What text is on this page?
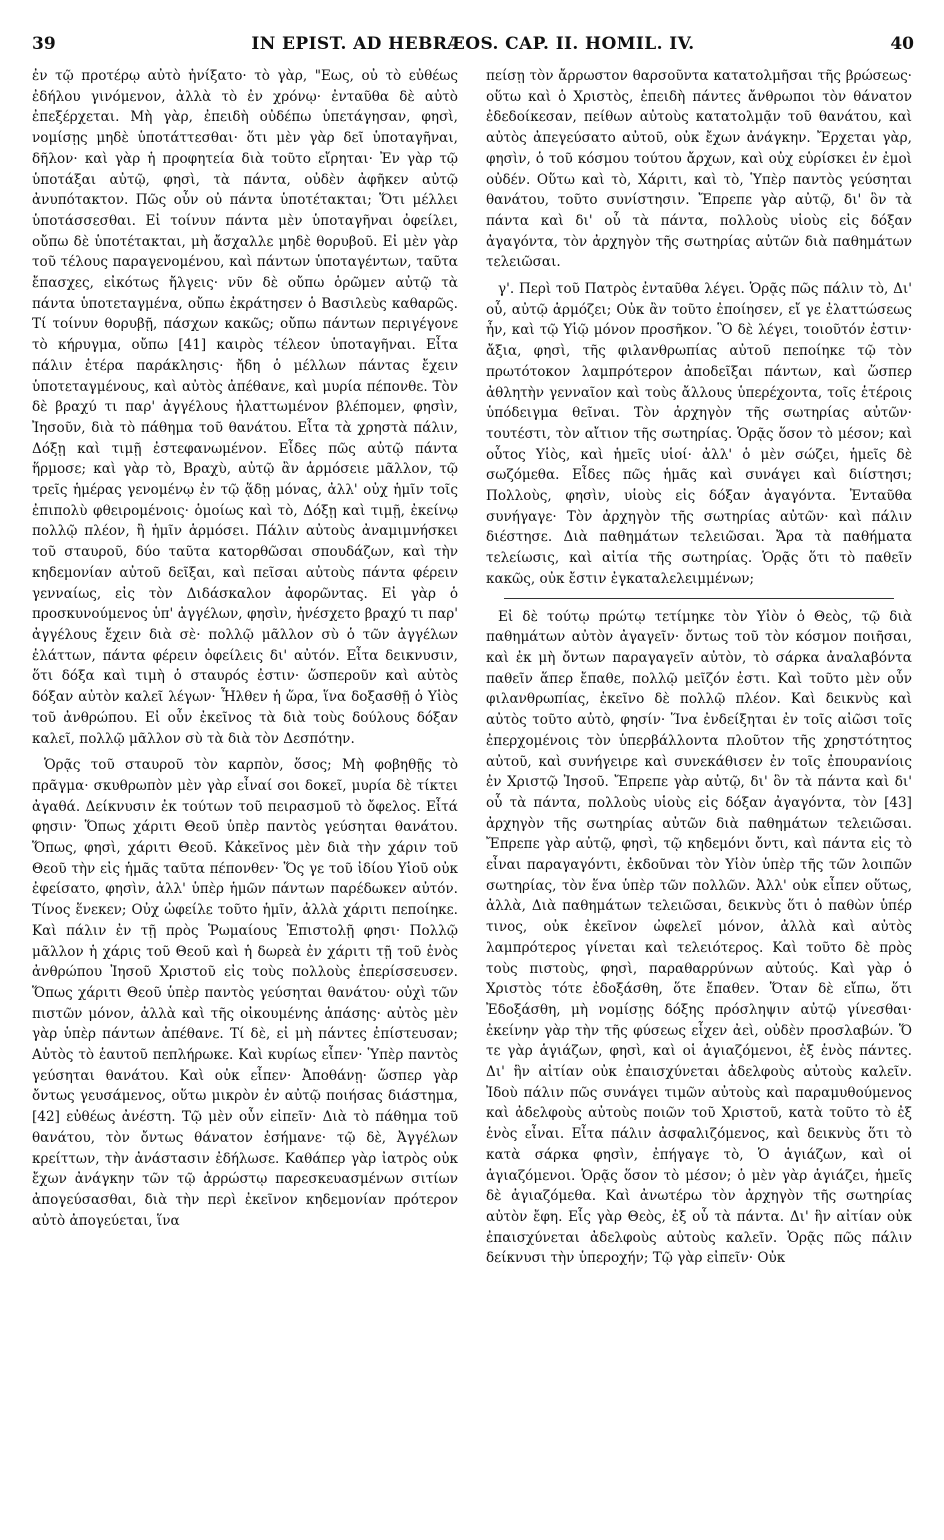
39	IN EPIST. AD HEBRÆOS. CAP. II. HOMIL. IV.	40

ἐν τῷ προτέρῳ αὐτὸ ἠνίξατο· τὸ γὰρ, "Εως, οὐ τὸ εὐθέως ἐδήλου γινόμενον, ἀλλὰ τὸ ἐν χρόνῳ· ἐνταῦθα δὲ αὐτὸ ἐπεξέρχεται. Μὴ γὰρ, ἐπειδὴ οὐδέπω ὑπετάγησαν, φησὶ, νομίσῃς μηδὲ ὑποτάττεσθαι· ὅτι μὲν γὰρ δεῖ ὑποταγῆναι, δῆλον· καὶ γὰρ ἡ προφητεία διὰ τοῦτο εἴρηται· Ἐν γὰρ τῷ ὑποτάξαι αὐτῷ, φησὶ, τὰ πάντα, οὐδὲν ἀφῆκεν αὐτῷ ἀνυπότακτον. Πῶς οὖν οὐ πάντα ὑποτέτακται; Ὅτι μέλλει ὑποτάσσεσθαι. Εἰ τοίνυν πάντα μὲν ὑποταγῆναι ὀφείλει, οὔπω δὲ ὑποτέτακται, μὴ ἄσχαλλε μηδὲ θορυβοῦ. Εἰ μὲν γὰρ τοῦ τέλους παραγενομένου, καὶ πάντων ὑποταγέντων, ταῦτα ἔπασχες, εἰκότως ἤλγεις· νῦν δὲ οὔπω ὁρῶμεν αὐτῷ τὰ πάντα ὑποτεταγμένα, οὔπω ἐκράτησεν ὁ Βασιλεὺς καθαρῶς. Τί τοίνυν θορυβῇ, πάσχων κακῶς; οὔπω πάντων περιγέγονε τὸ κήρυγμα, οὔπω [41] καιρὸς τέλεον ὑποταγῆναι. Εἶτα πάλιν ἑτέρα παράκλησις· ἤδη ὁ μέλλων πάντας ἔχειν ὑποτεταγμένους, καὶ αὐτὸς ἀπέθανε, καὶ μυρία πέπονθε. Τὸν δὲ βραχύ τι παρ' ἀγγέλους ἠλαττωμένον βλέπομεν, φησὶν, Ἰησοῦν, διὰ τὸ πάθημα τοῦ θανάτου. Εἶτα τὰ χρηστὰ πάλιν, Δόξῃ καὶ τιμῇ ἐστεφανωμένον. Εἶδες πῶς αὐτῷ πάντα ἥρμοσε; καὶ γὰρ τὸ, Βραχὺ, αὐτῷ ἂν ἁρμόσειε μᾶλλον, τῷ τρεῖς ἡμέρας γενομένῳ ἐν τῷ ᾅδῃ μόνας, ἀλλ' οὐχ ἡμῖν τοῖς ἐπιπολὺ φθειρομένοις· ὁμοίως καὶ τὸ, Δόξῃ καὶ τιμῇ, ἐκείνῳ πολλῷ πλέον, ἢ ἡμῖν ἁρμόσει. Πάλιν αὐτοὺς ἀναμιμνήσκει τοῦ σταυροῦ, δύο ταῦτα κατορθῶσαι σπουδάζων, καὶ τὴν κηδεμονίαν αὐτοῦ δεῖξαι, καὶ πεῖσαι αὐτοὺς πάντα φέρειν γενναίως, εἰς τὸν Διδάσκαλον ἀφορῶντας. Εἰ γὰρ ὁ προσκυνούμενος ὑπ' ἀγγέλων, φησὶν, ἠνέσχετο βραχύ τι παρ' ἀγγέλους ἔχειν διὰ σὲ· πολλῷ μᾶλλον σὺ ὁ τῶν ἀγγέλων ἐλάττων, πάντα φέρειν ὀφείλεις δι' αὐτόν. Εἶτα δεικνυσιν, ὅτι δόξα καὶ τιμὴ ὁ σταυρός ἐστιν· ὥσπεροῦν καὶ αὐτὸς δόξαν αὐτὸν καλεῖ λέγων· Ἦλθεν ἡ ὥρα, ἵνα δοξασθῇ ὁ Υἱὸς τοῦ ἀνθρώπου. Εἰ οὖν ἐκεῖνος τὰ διὰ τοὺς δούλους δόξαν καλεῖ, πολλῷ μᾶλλον σὺ τὰ διὰ τὸν Δεσπότην.

Ὁρᾷς τοῦ σταυροῦ τὸν καρπὸν, ὅσος; Μὴ φοβηθῇς τὸ πρᾶγμα· σκυθρωπὸν μὲν γὰρ εἶναί σοι δοκεῖ, μυρία δὲ τίκτει ἀγαθά. Δείκνυσιν ἐκ τούτων τοῦ πειρασμοῦ τὸ ὄφελος. Εἶτά φησιν· Ὅπως χάριτι Θεοῦ ὑπὲρ παντὸς γεύσηται θανάτου. Ὅπως, φησὶ, χάριτι Θεοῦ. Κἀκεῖνος μὲν διὰ τὴν χάριν τοῦ Θεοῦ τὴν εἰς ἡμᾶς ταῦτα πέπονθεν· Ὅς γε τοῦ ἰδίου Υἱοῦ οὐκ ἐφείσατο, φησὶν, ἀλλ' ὑπὲρ ἡμῶν πάντων παρέδωκεν αὐτόν. Τίνος ἕνεκεν; Οὐχ ὠφείλε τοῦτο ἡμῖν, ἀλλὰ χάριτι πεποίηκε. Καὶ πάλιν ἐν τῇ πρὸς Ῥωμαίους Ἐπιστολῇ φησι· Πολλῷ μᾶλλον ἡ χάρις τοῦ Θεοῦ καὶ ἡ δωρεὰ ἐν χάριτι τῇ τοῦ ἑνὸς ἀνθρώπου Ἰησοῦ Χριστοῦ εἰς τοὺς πολλοὺς ἐπερίσσευσεν. Ὅπως χάριτι Θεοῦ ὑπὲρ παντὸς γεύσηται θανάτου· οὐχὶ τῶν πιστῶν μόνον, ἀλλὰ καὶ τῆς οἰκουμένης ἁπάσης· αὐτὸς μὲν γὰρ ὑπὲρ πάντων ἀπέθανε. Τί δὲ, εἰ μὴ πάντες ἐπίστευσαν; Αὐτὸς τὸ ἑαυτοῦ πεπλήρωκε. Καὶ κυρίως εἶπεν· Ὑπὲρ παντὸς γεύσηται θανάτου. Καὶ οὐκ εἶπεν· Ἀποθάνῃ· ὥσπερ γὰρ ὄντως γευσάμενος, οὕτω μικρὸν ἐν αὐτῷ ποιήσας διάστημα, [42] εὐθέως ἀνέστη. Τῷ μὲν οὖν εἰπεῖν· Διὰ τὸ πάθημα τοῦ θανάτου, τὸν ὄντως θάνατον ἐσήμανε· τῷ δὲ, Ἀγγέλων κρείττων, τὴν ἀνάστασιν ἐδήλωσε. Καθάπερ γὰρ ἰατρὸς οὐκ ἔχων ἀνάγκην τῶν τῷ ἀρρώστῳ παρεσκευασμένων σιτίων ἀπογεύσασθαι, διὰ τὴν περὶ ἐκεῖνον κηδεμονίαν πρότερον αὐτὸ ἀπογεύεται, ἵνα

πείσῃ τὸν ἄρρωστον θαρσοῦντα κατατολμῆσαι τῆς βρώσεως· οὕτω καὶ ὁ Χριστὸς, ἐπειδὴ πάντες ἄνθρωποι τὸν θάνατον ἐδεδοίκεσαν, πείθων αὐτοὺς κατατολμᾷν τοῦ θανάτου, καὶ αὐτὸς ἀπεγεύσατο αὐτοῦ, οὐκ ἔχων ἀνάγκην. Ἔρχεται γὰρ, φησὶν, ὁ τοῦ κόσμου τούτου ἄρχων, καὶ οὐχ εὑρίσκει ἐν ἐμοὶ οὐδέν. Οὕτω καὶ τὸ, Χάριτι, καὶ τὸ, Ὑπὲρ παντὸς γεύσηται θανάτου, τοῦτο συνίστησιν. Ἔπρεπε γὰρ αὐτῷ, δι' ὃν τὰ πάντα καὶ δι' οὗ τὰ πάντα, πολλοὺς υἱοὺς εἰς δόξαν ἀγαγόντα, τὸν ἀρχηγὸν τῆς σωτηρίας αὐτῶν διὰ παθημάτων τελειῶσαι.

γ'. Περὶ τοῦ Πατρὸς ἐνταῦθα λέγει. Ὁρᾷς πῶς πάλιν τὸ, Δι' οὗ, αὐτῷ ἁρμόζει; Οὐκ ἂν τοῦτο ἐποίησεν, εἴ γε ἐλαττώσεως ἦν, καὶ τῷ Υἱῷ μόνον προσῆκον. Ὃ δὲ λέγει, τοιοῦτόν ἐστιν· ἄξια, φησὶ, τῆς φιλανθρωπίας αὐτοῦ πεποίηκε τῷ τὸν πρωτότοκον λαμπρότερον ἀποδεῖξαι πάντων, καὶ ὥσπερ ἀθλητὴν γενναῖον καὶ τοὺς ἄλλους ὑπερέχοντα, τοῖς ἑτέροις ὑπόδειγμα θεῖναι. Τὸν ἀρχηγὸν τῆς σωτηρίας αὐτῶν· τουτέστι, τὸν αἴτιον τῆς σωτηρίας. Ὁρᾷς ὅσον τὸ μέσον; καὶ οὗτος Υἱὸς, καὶ ἡμεῖς υἱοί· ἀλλ' ὁ μὲν σώζει, ἡμεῖς δὲ σωζόμεθα. Εἶδες πῶς ἡμᾶς καὶ συνάγει καὶ διίστησι; Πολλοὺς, φησὶν, υἱοὺς εἰς δόξαν ἀγαγόντα. Ἐνταῦθα συνήγαγε· Τὸν ἀρχηγὸν τῆς σωτηρίας αὐτῶν· καὶ πάλιν διέστησε. Διὰ παθημάτων τελειῶσαι. Ἄρα τὰ παθήματα τελείωσις, καὶ αἰτία τῆς σωτηρίας. Ὁρᾷς ὅτι τὸ παθεῖν κακῶς, οὐκ ἔστιν ἐγκαταλελειμμένων;

Εἰ δὲ τούτῳ πρώτῳ τετίμηκε τὸν Υἱὸν ὁ Θεὸς, τῷ διὰ παθημάτων αὐτὸν ἀγαγεῖν· ὄντως τοῦ τὸν κόσμον ποιῆσαι, καὶ ἐκ μὴ ὄντων παραγαγεῖν αὐτὸν, τὸ σάρκα ἀναλαβόντα παθεῖν ἅπερ ἔπαθε, πολλῷ μεῖζόν ἐστι. Καὶ τοῦτο μὲν οὖν φιλανθρωπίας, ἐκεῖνο δὲ πολλῷ πλέον. Καὶ δεικνὺς καὶ αὐτὸς τοῦτο αὐτὸ, φησίν· Ἵνα ἐνδείξηται ἐν τοῖς αἰῶσι τοῖς ἐπερχομένοις τὸν ὑπερβάλλοντα πλοῦτον τῆς χρηστότητος αὐτοῦ, καὶ συνήγειρε καὶ συνεκάθισεν ἐν τοῖς ἐπουρανίοις ἐν Χριστῷ Ἰησοῦ. Ἔπρεπε γὰρ αὐτῷ, δι' ὃν τὰ πάντα καὶ δι' οὗ τὰ πάντα, πολλοὺς υἱοὺς εἰς δόξαν ἀγαγόντα, τὸν [43] ἀρχηγὸν τῆς σωτηρίας αὐτῶν διὰ παθημάτων τελειῶσαι. Ἔπρεπε γὰρ αὐτῷ, φησὶ, τῷ κηδεμόνι ὄντι, καὶ πάντα εἰς τὸ εἶναι παραγαγόντι, ἐκδοῦναι τὸν Υἱὸν ὑπὲρ τῆς τῶν λοιπῶν σωτηρίας, τὸν ἕνα ὑπὲρ τῶν πολλῶν. Ἀλλ' οὐκ εἶπεν οὕτως, ἀλλὰ, Διὰ παθημάτων τελειῶσαι, δεικνὺς ὅτι ὁ παθὼν ὑπέρ τινος, οὐκ ἐκεῖνον ὠφελεῖ μόνον, ἀλλὰ καὶ αὐτὸς λαμπρότερος γίνεται καὶ τελειότερος. Καὶ τοῦτο δὲ πρὸς τοὺς πιστοὺς, φησὶ, παραθαρρύνων αὐτούς. Καὶ γὰρ ὁ Χριστὸς τότε ἐδοξάσθη, ὅτε ἔπαθεν. Ὅταν δὲ εἴπω, ὅτι Ἐδοξάσθη, μὴ νομίσῃς δόξης πρόσληψιν αὐτῷ γίνεσθαι· ἐκείνην γὰρ τὴν τῆς φύσεως εἶχεν ἀεὶ, οὐδὲν προσλαβών. Ὅ τε γὰρ ἁγιάζων, φησὶ, καὶ οἱ ἁγιαζόμενοι, ἐξ ἑνὸς πάντες. Δι' ἣν αἰτίαν οὐκ ἐπαισχύνεται ἀδελφοὺς αὐτοὺς καλεῖν. Ἰδοὺ πάλιν πῶς συνάγει τιμῶν αὐτοὺς καὶ παραμυθούμενος καὶ ἀδελφοὺς αὐτοὺς ποιῶν τοῦ Χριστοῦ, κατὰ τοῦτο τὸ ἐξ ἑνὸς εἶναι. Εἶτα πάλιν ἀσφαλιζόμενος, καὶ δεικνὺς ὅτι τὸ κατὰ σάρκα φησὶν, ἐπήγαγε τὸ, Ὁ ἁγιάζων, καὶ οἱ ἁγιαζόμενοι. Ὁρᾷς ὅσον τὸ μέσον; ὁ μὲν γὰρ ἁγιάζει, ἡμεῖς δὲ ἁγιαζόμεθα. Καὶ ἀνωτέρω τὸν ἀρχηγὸν τῆς σωτηρίας αὐτὸν ἔφη. Εἷς γὰρ Θεὸς, ἐξ οὗ τὰ πάντα. Δι' ἣν αἰτίαν οὐκ ἐπαισχύνεται ἀδελφοὺς αὐτοὺς καλεῖν. Ὁρᾷς πῶς πάλιν δείκνυσι τὴν ὑπεροχήν; Τῷ γὰρ εἰπεῖν· Οὐκ
